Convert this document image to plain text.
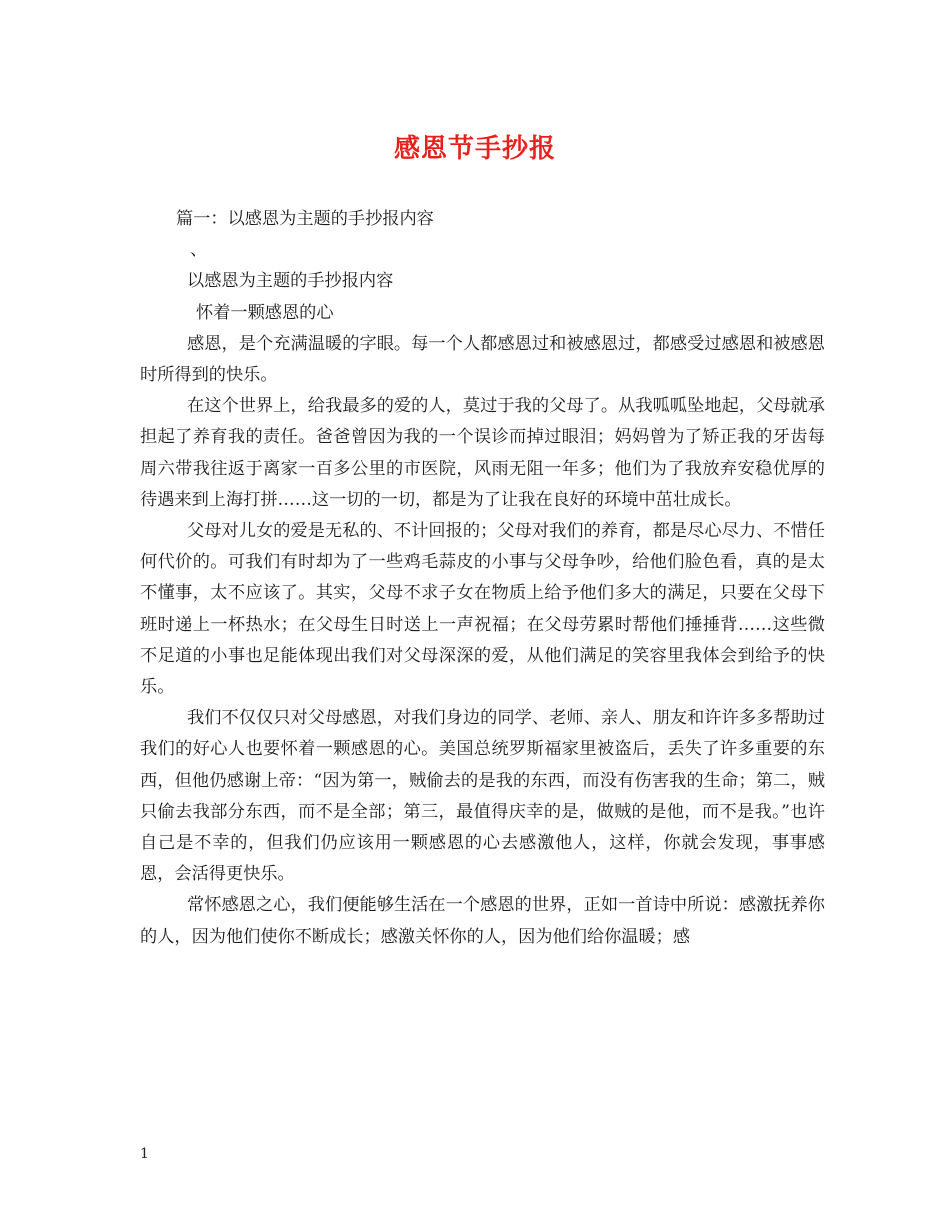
感恩节手抄报

篇一：以感恩为主题的手抄报内容

、

以感恩为主题的手抄报内容

怀着一颗感恩的心

感恩，是个充满温暖的字眼。每一个人都感恩过和被感恩过，都感受过感恩和被感恩时所得到的快乐。

在这个世界上，给我最多的爱的人，莫过于我的父母了。从我呱呱坠地起，父母就承担起了养育我的责任。爸爸曾因为我的一个误诊而掉过眼泪；妈妈曾为了矫正我的牙齿每周六带我往返于离家一百多公里的市医院，风雨无阻一年多；他们为了我放弃安稳优厚的待遇来到上海打拼……这一切的一切，都是为了让我在良好的环境中茁壮成长。

父母对儿女的爱是无私的、不计回报的；父母对我们的养育，都是尽心尽力、不惜任何代价的。可我们有时却为了一些鸡毛蒜皮的小事与父母争吵，给他们脸色看，真的是太不懂事，太不应该了。其实，父母不求子女在物质上给予他们多大的满足，只要在父母下班时递上一杯热水；在父母生日时送上一声祝福；在父母劳累时帮他们捶捶背……这些微不足道的小事也足能体现出我们对父母深深的爱，从他们满足的笑容里我体会到给予的快乐。

我们不仅仅只对父母感恩，对我们身边的同学、老师、亲人、朋友和许许多多帮助过我们的好心人也要怀着一颗感恩的心。美国总统罗斯福家里被盗后，丢失了许多重要的东西，但他仍感谢上帝：“因为第一，贼偷去的是我的东西，而没有伤害我的生命；第二，贼只偷去我部分东西，而不是全部；第三，最值得庆幸的是，做贼的是他，而不是我。”也许自己是不幸的，但我们仍应该用一颗感恩的心去感激他人，这样，你就会发现，事事感恩，会活得更快乐。

常怀感恩之心，我们便能够生活在一个感恩的世界，正如一首诗中所说：感激抚养你的人，因为他们使你不断成长；感激关怀你的人，因为他们给你温暖；感

1
